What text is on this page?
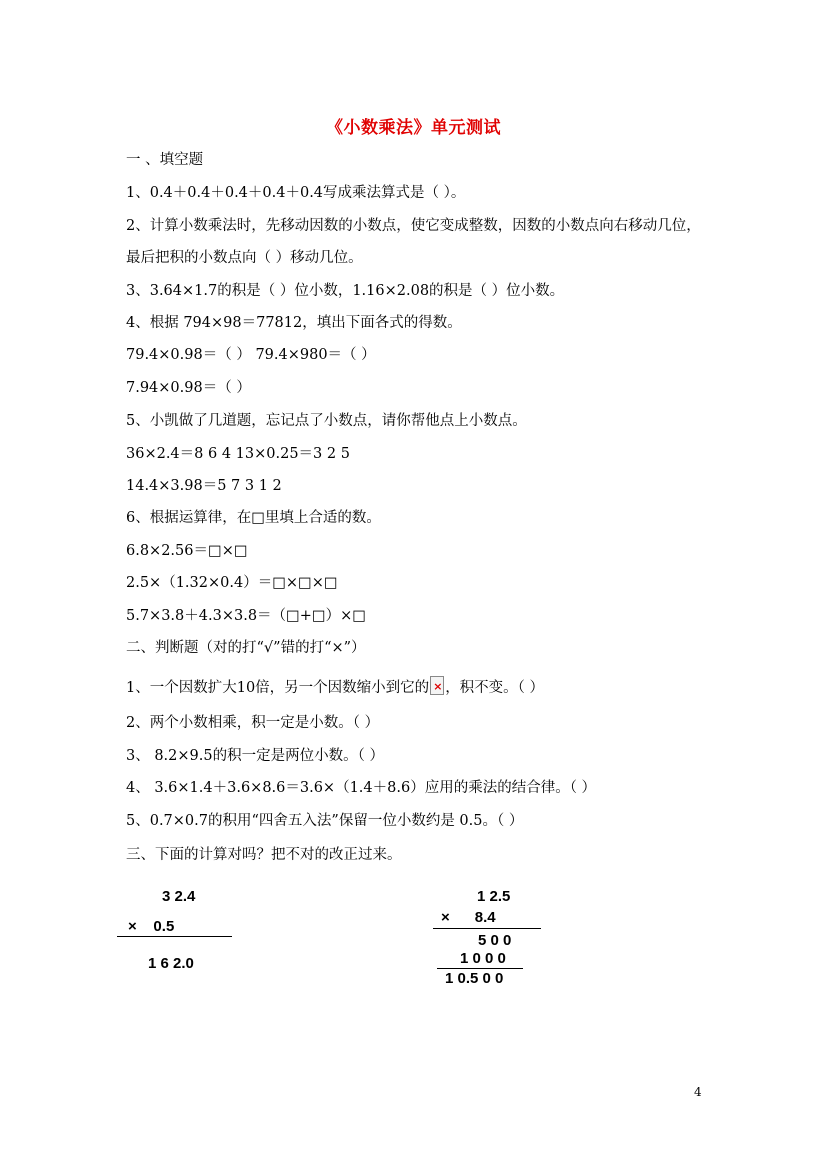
《小数乘法》单元测试
一 、填空题
1、0.4＋0.4＋0.4＋0.4＋0.4写成乘法算式是（ ）。
2、计算小数乘法时，先移动因数的小数点，使它变成整数，因数的小数点向右移动几位，
最后把积的小数点向（ ）移动几位。
3、3.64×1.7的积是（ ）位小数，1.16×2.08的积是（ ）位小数。
4、根据 794×98＝77812，填出下面各式的得数。
79.4×0.98＝（ ） 79.4×980＝（ ）
7.94×0.98＝（ ）
5、小凯做了几道题，忘记点了小数点，请你帮他点上小数点。
36×2.4＝8 6 4 13×0.25＝3 2 5
14.4×3.98＝5 7 3 1 2
6、根据运算律，在□里填上合适的数。
6.8×2.56＝□×□
2.5×（1.32×0.4）＝□×□×□
5.7×3.8＋4.3×3.8＝（□+□）×□
二、判断题（对的打“√”错的打“×”）
1、一个因数扩大10倍，另一个因数缩小到它的× ，积不变。（ ）
2、两个小数相乘，积一定是小数。（ ）
3、 8.2×9.5的积一定是两位小数。（ ）
4、 3.6×1.4＋3.6×8.6＝3.6×（1.4＋8.6）应用的乘法的结合律。（ ）
5、0.7×0.7的积用“四舍五入法”保留一位小数约是 0.5。（ ）
三、下面的计算对吗？把不对的改正过来。
3 2.4
×    0.5
1 6 2.0
1 2.5
×      8.4
5 0 0
1 0 0 0
1 0.5 0 0
4
